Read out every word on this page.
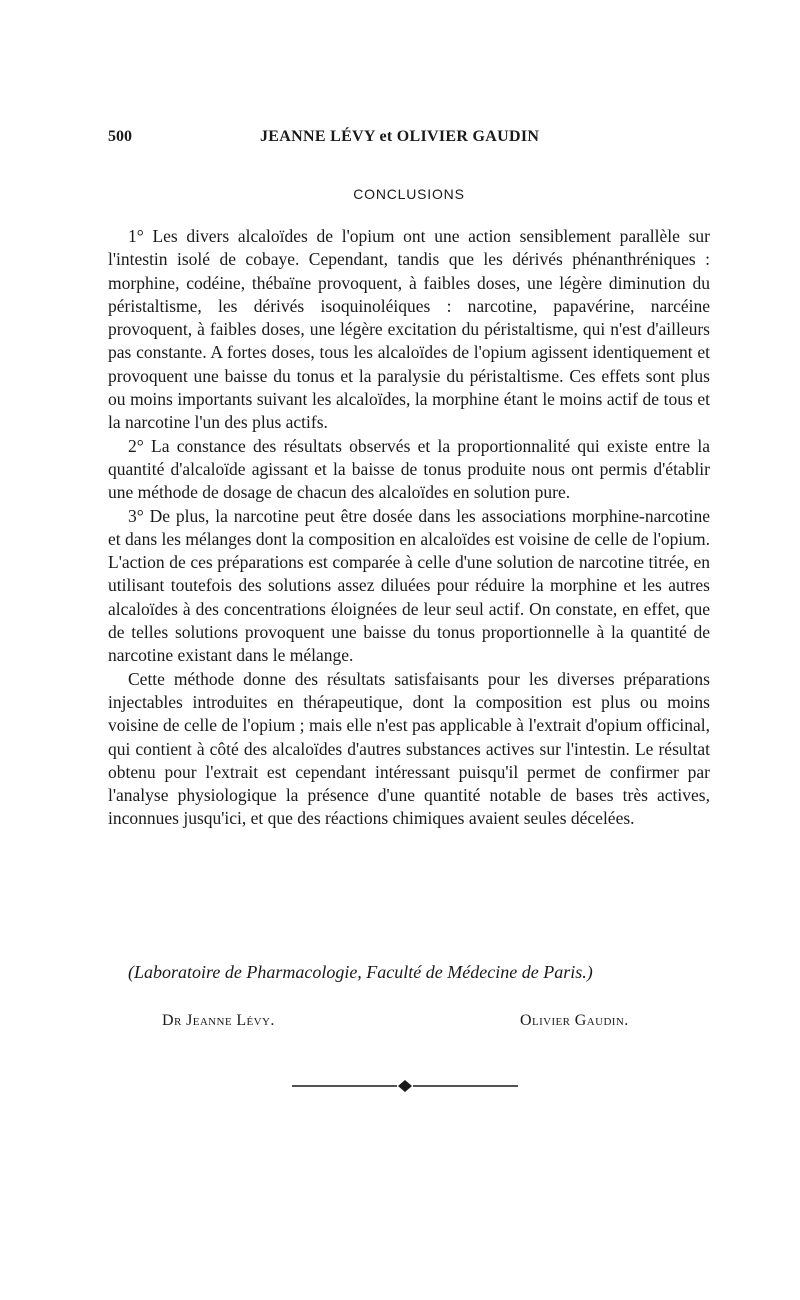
500	JEANNE LÉVY et OLIVIER GAUDIN
CONCLUSIONS

1° Les divers alcaloïdes de l'opium ont une action sensiblement parallèle sur l'intestin isolé de cobaye. Cependant, tandis que les dérivés phénanthréniques : morphine, codéine, thébaïne provoquent, à faibles doses, une légère diminution du péristaltisme, les dérivés isoquinoléiques : narcotine, papavérine, narcéine provoquent, à faibles doses, une légère excitation du péristaltisme, qui n'est d'ailleurs pas constante. A fortes doses, tous les alcaloïdes de l'opium agissent identiquement et provoquent une baisse du tonus et la paralysie du péristaltisme. Ces effets sont plus ou moins importants suivant les alcaloïdes, la morphine étant le moins actif de tous et la narcotine l'un des plus actifs.

2° La constance des résultats observés et la proportionnalité qui existe entre la quantité d'alcaloïde agissant et la baisse de tonus produite nous ont permis d'établir une méthode de dosage de chacun des alcaloïdes en solution pure.

3° De plus, la narcotine peut être dosée dans les associations morphine-narcotine et dans les mélanges dont la composition en alcaloïdes est voisine de celle de l'opium. L'action de ces préparations est comparée à celle d'une solution de narcotine titrée, en utilisant toutefois des solutions assez diluées pour réduire la morphine et les autres alcaloïdes à des concentrations éloignées de leur seul actif. On constate, en effet, que de telles solutions provoquent une baisse du tonus proportionnelle à la quantité de narcotine existant dans le mélange.

Cette méthode donne des résultats satisfaisants pour les diverses préparations injectables introduites en thérapeutique, dont la composition est plus ou moins voisine de celle de l'opium ; mais elle n'est pas applicable à l'extrait d'opium officinal, qui contient à côté des alcaloïdes d'autres substances actives sur l'intestin. Le résultat obtenu pour l'extrait est cependant intéressant puisqu'il permet de confirmer par l'analyse physiologique la présence d'une quantité notable de bases très actives, inconnues jusqu'ici, et que des réactions chimiques avaient seules décelées.

(Laboratoire de Pharmacologie, Faculté de Médecine de Paris.)
Dr Jeanne Lévy.	Olivier Gaudin.
